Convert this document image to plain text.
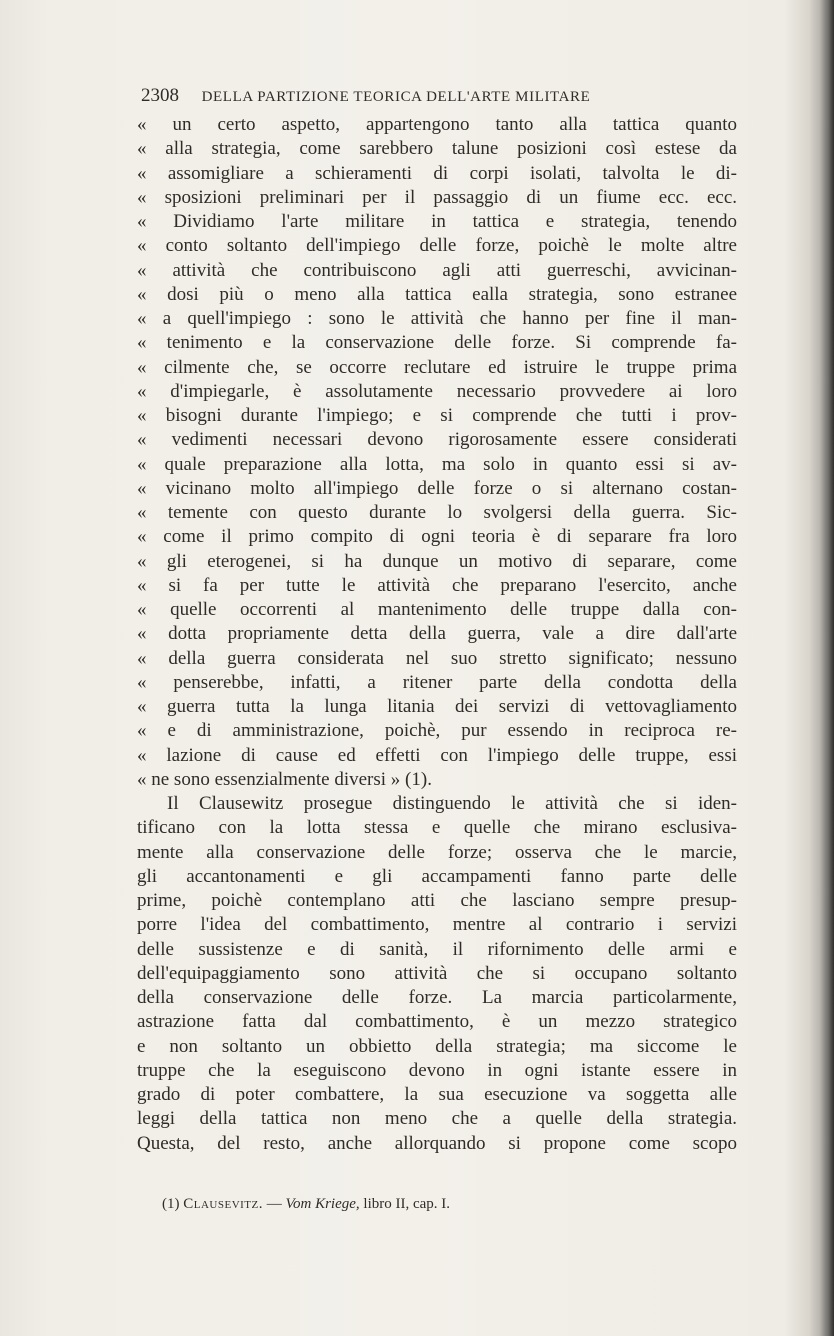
2308 DELLA PARTIZIONE TEORICA DELL'ARTE MILITARE
« un certo aspetto, appartengono tanto alla tattica quanto
« alla strategia, come sarebbero talune posizioni così estese da
« assomigliare a schieramenti di corpi isolati, talvolta le di-
« sposizioni preliminari per il passaggio di un fiume ecc. ecc.
« Dividiamo l'arte militare in tattica e strategia, tenendo
« conto soltanto dell'impiego delle forze, poichè le molte altre
« attività che contribuiscono agli atti guerreschi, avvicinan-
« dosi più o meno alla tattica ealla strategia, sono estranee
« a quell'impiego : sono le attività che hanno per fine il man-
« tenimento e la conservazione delle forze. Si comprende fa-
« cilmente che, se occorre reclutare ed istruire le truppe prima
« d'impiegarle, è assolutamente necessario provvedere ai loro
« bisogni durante l'impiego; e si comprende che tutti i prov-
« vedimenti necessari devono rigorosamente essere considerati
« quale preparazione alla lotta, ma solo in quanto essi si av-
« vicinano molto all'impiego delle forze o si alternano costan-
« temente con questo durante lo svolgersi della guerra. Sic-
« come il primo compito di ogni teoria è di separare fra loro
« gli eterogenei, si ha dunque un motivo di separare, come
« si fa per tutte le attività che preparano l'esercito, anche
« quelle occorrenti al mantenimento delle truppe dalla con-
« dotta propriamente detta della guerra, vale a dire dall'arte
« della guerra considerata nel suo stretto significato; nessuno
« penserebbe, infatti, a ritener parte della condotta della
« guerra tutta la lunga litania dei servizi di vettovagliamento
« e di amministrazione, poichè, pur essendo in reciproca re-
« lazione di cause ed effetti con l'impiego delle truppe, essi
« ne sono essenzialmente diversi » (1).
Il Clausewitz prosegue distinguendo le attività che si iden-
tificano con la lotta stessa e quelle che mirano esclusiva-
mente alla conservazione delle forze; osserva che le marcie,
gli accantonamenti e gli accampamenti fanno parte delle
prime, poichè contemplano atti che lasciano sempre presup-
porre l'idea del combattimento, mentre al contrario i servizi
delle sussistenze e di sanità, il rifornimento delle armi e
dell'equipaggiamento sono attività che si occupano soltanto
della conservazione delle forze. La marcia particolarmente,
astrazione fatta dal combattimento, è un mezzo strategico
e non soltanto un obbietto della strategia; ma siccome le
truppe che la eseguiscono devono in ogni istante essere in
grado di poter combattere, la sua esecuzione va soggetta alle
leggi della tattica non meno che a quelle della strategia.
Questa, del resto, anche allorquando si propone come scopo
(1) Clausevitz. — Vom Kriege, libro II, cap. I.
